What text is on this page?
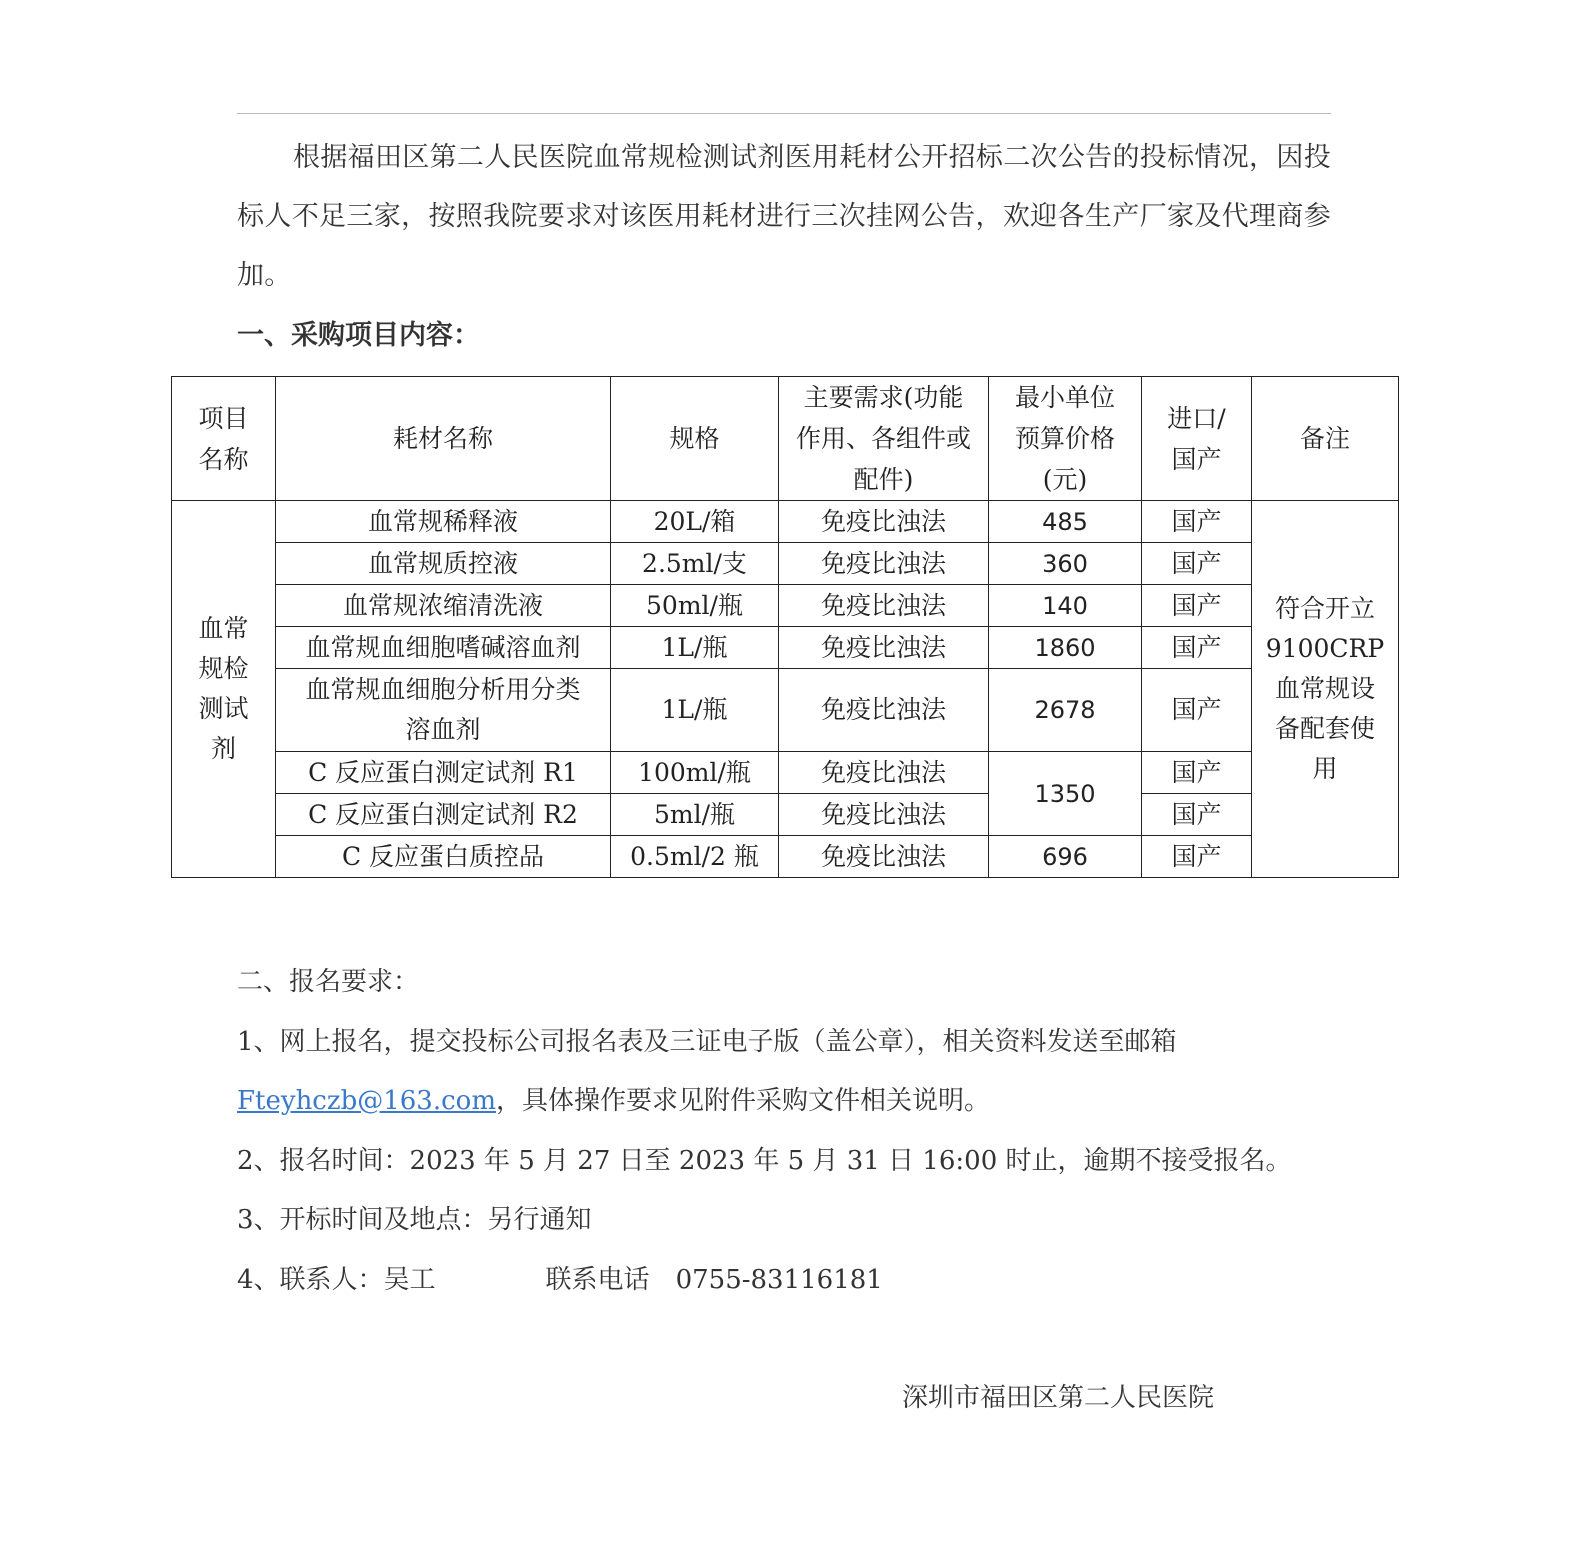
根据福田区第二人民医院血常规检测试剂医用耗材公开招标二次公告的投标情况，因投标人不足三家，按照我院要求对该医用耗材进行三次挂网公告，欢迎各生产厂家及代理商参加。

一、采购项目内容：
项目
名称	耗材名称	规格	主要需求(功能
作用、各组件或
配件)	最小单位
预算价格
(元)	进口/
国产	备注
血常
规检
测试
剂	血常规稀释液	20L/箱	免疫比浊法	485	国产	符合开立
9100CRP
血常规设
备配套使
用
	血常规质控液	2.5ml/支	免疫比浊法	360	国产	
	血常规浓缩清洗液	50ml/瓶	免疫比浊法	140	国产	
	血常规血细胞嗜碱溶血剂	1L/瓶	免疫比浊法	1860	国产	
	血常规血细胞分析用分类
溶血剂	1L/瓶	免疫比浊法	2678	国产	
	C 反应蛋白测定试剂 R1	100ml/瓶	免疫比浊法	1350	国产	
	C 反应蛋白测定试剂 R2	5ml/瓶	免疫比浊法		国产	
	C 反应蛋白质控品	0.5ml/2 瓶	免疫比浊法	696	国产	

二、报名要求：

1、网上报名，提交投标公司报名表及三证电子版（盖公章），相关资料发送至邮箱

Fteyhczb@163.com，具体操作要求见附件采购文件相关说明。

2、报名时间：2023 年 5 月 27 日至 2023 年 5 月 31 日 16:00 时止，逾期不接受报名。

3、开标时间及地点：另行通知

4、联系人：吴工	联系电话 0755-83116181

深圳市福田区第二人民医院
